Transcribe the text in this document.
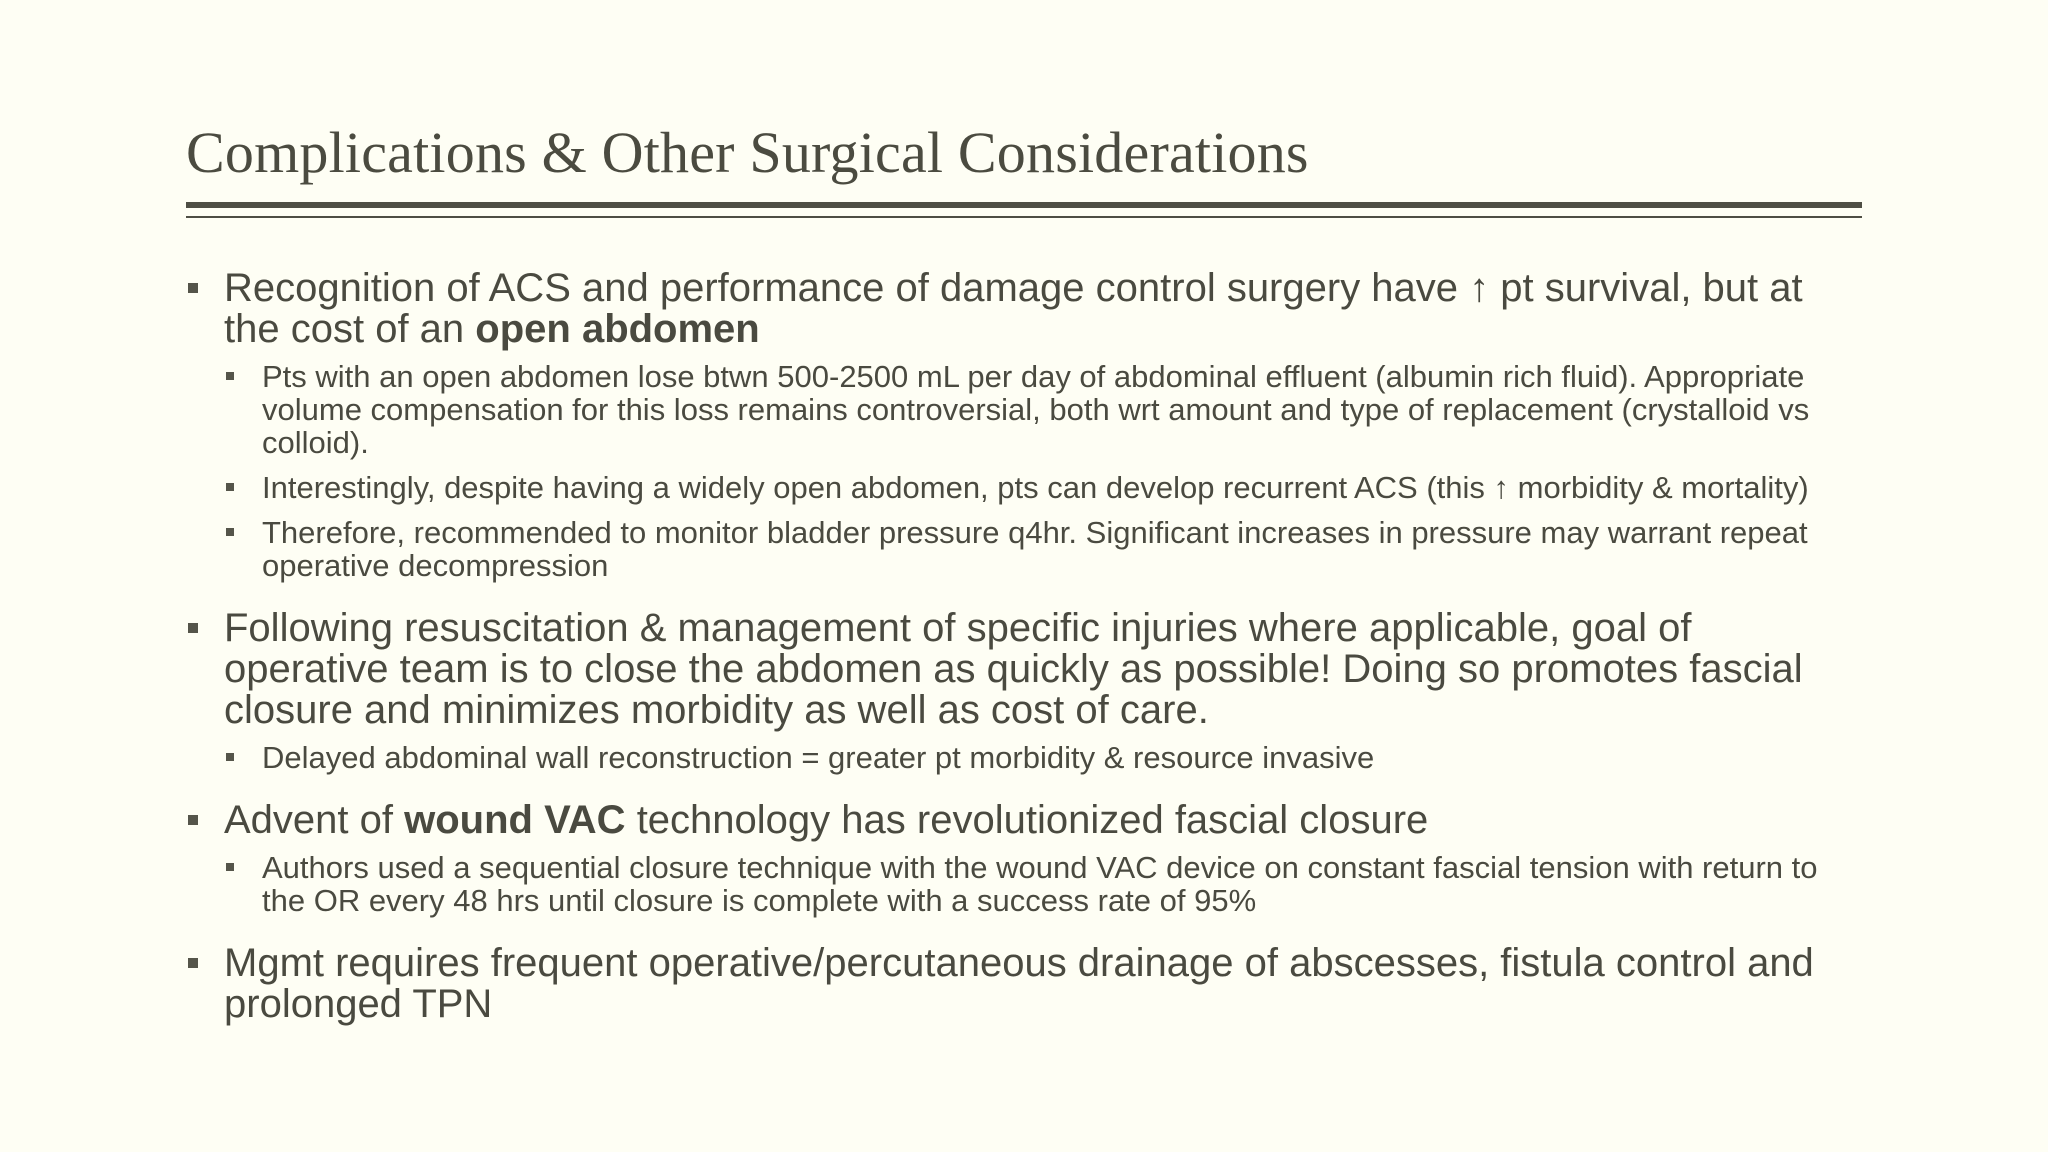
Complications & Other Surgical Considerations
Recognition of ACS and performance of damage control surgery have ↑ pt survival, but at the cost of an open abdomen
Pts with an open abdomen lose btwn 500-2500 mL per day of abdominal effluent (albumin rich fluid). Appropriate volume compensation for this loss remains controversial, both wrt amount and type of replacement (crystalloid vs colloid).
Interestingly, despite having a widely open abdomen, pts can develop recurrent ACS (this ↑ morbidity & mortality)
Therefore, recommended to monitor bladder pressure q4hr. Significant increases in pressure may warrant repeat operative decompression
Following resuscitation & management of specific injuries where applicable, goal of operative team is to close the abdomen as quickly as possible! Doing so promotes fascial closure and minimizes morbidity as well as cost of care.
Delayed abdominal wall reconstruction = greater pt morbidity & resource invasive
Advent of wound VAC technology has revolutionized fascial closure
Authors used a sequential closure technique with the wound VAC device on constant fascial tension with return to the OR every 48 hrs until closure is complete with a success rate of 95%
Mgmt requires frequent operative/percutaneous drainage of abscesses, fistula control and prolonged TPN
